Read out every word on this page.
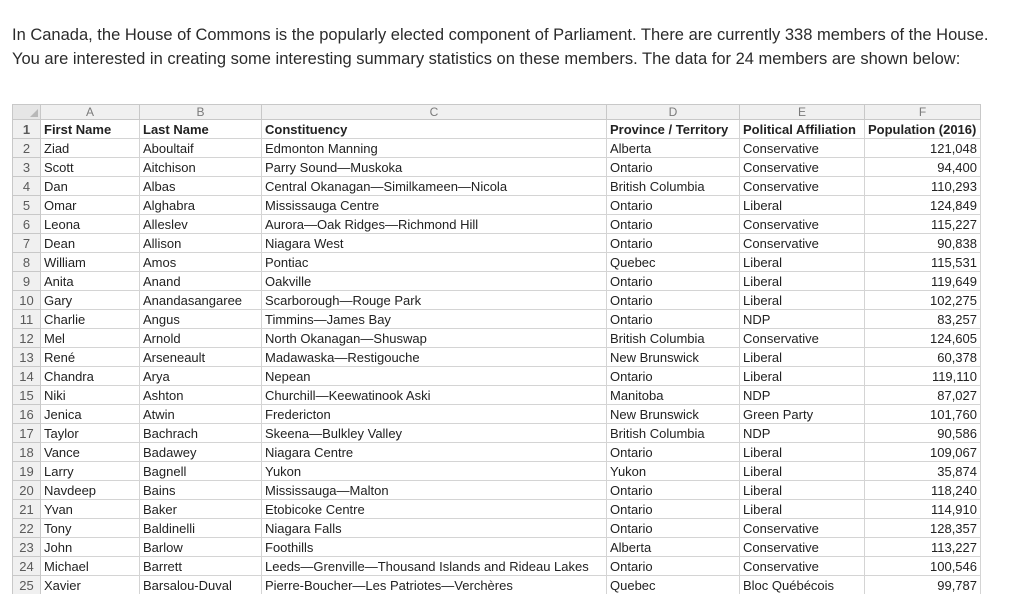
In Canada, the House of Commons is the popularly elected component of Parliament. There are currently 338 members of the House. You are interested in creating some interesting summary statistics on these members. The data for 24 members are shown below:

	A	B	C	D	E	F
1	First Name	Last Name	Constituency	Province / Territory	Political Affiliation	Population (2016)
2	Ziad	Aboultaif	Edmonton Manning	Alberta	Conservative	121,048
3	Scott	Aitchison	Parry Sound—Muskoka	Ontario	Conservative	94,400
4	Dan	Albas	Central Okanagan—Similkameen—Nicola	British Columbia	Conservative	110,293
5	Omar	Alghabra	Mississauga Centre	Ontario	Liberal	124,849
6	Leona	Alleslev	Aurora—Oak Ridges—Richmond Hill	Ontario	Conservative	115,227
7	Dean	Allison	Niagara West	Ontario	Conservative	90,838
8	William	Amos	Pontiac	Quebec	Liberal	115,531
9	Anita	Anand	Oakville	Ontario	Liberal	119,649
10	Gary	Anandasangaree	Scarborough—Rouge Park	Ontario	Liberal	102,275
11	Charlie	Angus	Timmins—James Bay	Ontario	NDP	83,257
12	Mel	Arnold	North Okanagan—Shuswap	British Columbia	Conservative	124,605
13	René	Arseneault	Madawaska—Restigouche	New Brunswick	Liberal	60,378
14	Chandra	Arya	Nepean	Ontario	Liberal	119,110
15	Niki	Ashton	Churchill—Keewatinook Aski	Manitoba	NDP	87,027
16	Jenica	Atwin	Fredericton	New Brunswick	Green Party	101,760
17	Taylor	Bachrach	Skeena—Bulkley Valley	British Columbia	NDP	90,586
18	Vance	Badawey	Niagara Centre	Ontario	Liberal	109,067
19	Larry	Bagnell	Yukon	Yukon	Liberal	35,874
20	Navdeep	Bains	Mississauga—Malton	Ontario	Liberal	118,240
21	Yvan	Baker	Etobicoke Centre	Ontario	Liberal	114,910
22	Tony	Baldinelli	Niagara Falls	Ontario	Conservative	128,357
23	John	Barlow	Foothills	Alberta	Conservative	113,227
24	Michael	Barrett	Leeds—Grenville—Thousand Islands and Rideau Lakes	Ontario	Conservative	100,546
25	Xavier	Barsalou-Duval	Pierre-Boucher—Les Patriotes—Verchères	Quebec	Bloc Québécois	99,787
